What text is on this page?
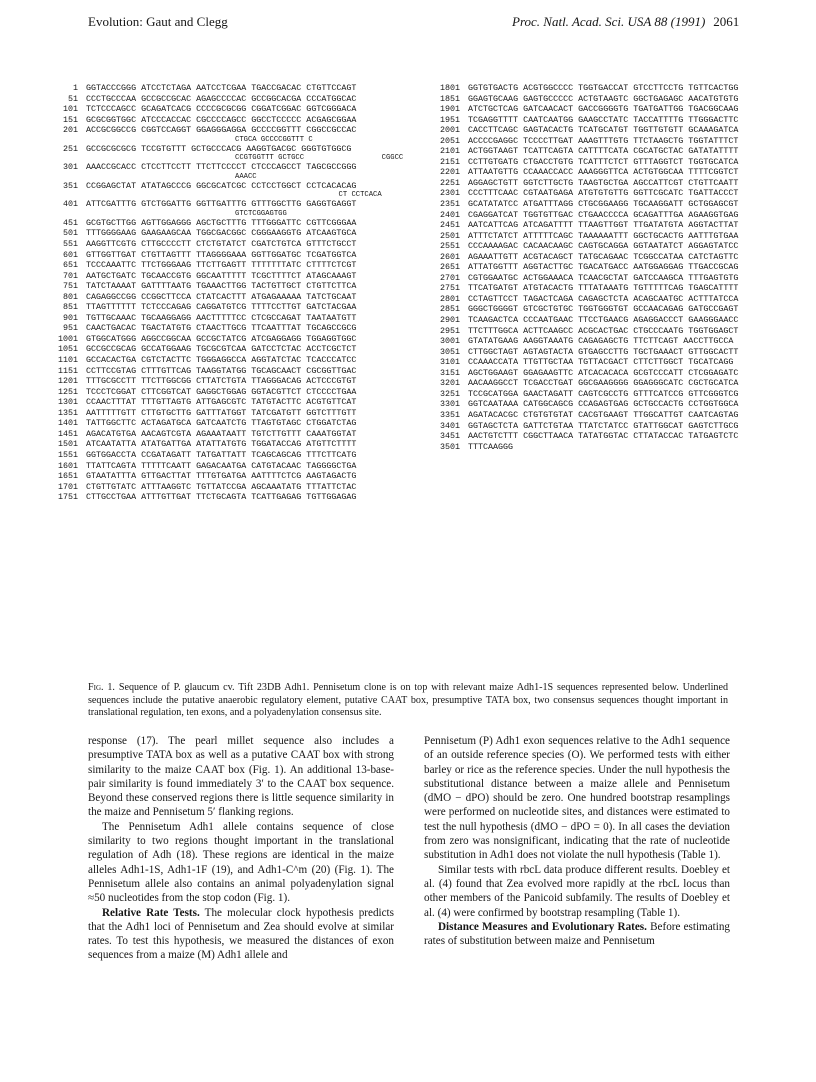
Evolution: Gaut and Clegg	Proc. Natl. Acad. Sci. USA 88 (1991) 2061
1 GGTACCCGGG ATCCTCTAGA AATCCTCGAA TGACCGACAC CTGTTCCAGT
51 CCCTGCCCAA GCCGCCGCAC AGAGCCCCAC GCCGGCACGA CCCATGGCAC
101 TCTCCCAGCC GCAGATCACG CCCCGCGCGG CGGATCGGAC GGTCGGGACA
151 GCGCGGTGGC ATCCCACCAC CGCCCCAGCC GGCCTCCCCC ACGAGCGGAA
201 ACCGCGGCCG CGGTCCAGGT GGAGGGAGGA GCCCCGGTTT CGGCCGCCAC
CTGCA GCCCCGGTTT C
251 GCCGCGCGCG TCCGTGTTT GCTGCCCACG AAGGTGACGC GGGTGTGGCG
CCGTGGTTT GCTGCC                  CGGCC
301 AAACCGCACC CTCCTTCCTT TTCTTCCCCT CTCCCAGCCT TAGCGCCGGG
AAACC
351 CCGGAGCTAT ATATAGCCCG GGCGCATCGC CCTCCTGGCT CCTCACACAG
CT CCTCACA
401 ATTCGATTTG GTCTGGATTG GGTTGATTTG GTTTGGCTTG GAGGTGAGGT
GTCTCGGAGTGG
451 GCGTGCTTGG AGTTGGAGGG AGCTGCTTTG TTTGGGATTC CGTTCGGGAA
501 TTTGGGGAAG GAAGAAGCAA TGGCGACGGC CGGGAAGGTG ATCAAGTGCA
551 AAGGTTCGTG CTTGCCCCTT CTCTGTATCT CGATCTGTCA GTTTCTGCCT
601 GTTGGTTGAT CTGTTAGTTT TTAGGGGAAA GGTTGGATGC TCGATGGTCA
651 TCCCAAATTC TTCTGGGAAG TTCTTGAGTT TTTTTTTATC CTTTTCTCGT
701 AATGCTGATC TGCAACCGTG GGCAATTTTT TCGCTTTTCT ATAGCAAAGT
751 TATCTAAAAT GATTTTAATG TGAAACTTGG TACTGTTGCT CTGTTCTTCA
801 CAGAGGCCGG CCGGCTTCCA CTATCACTTT ATGAGAAAAA TATCTGCAAT
851 TTAGTTTTTT TCTCCCAGAG CAGGATGTCG TTTTCCTTGT GATCTACGAA
901 TGTTGCAAAC TGCAAGGAGG AACTTTTTCC CTCGCCAGAT TAATAATGTT
951 CAACTGACAC TGACTATGTG CTAACTTGCG TTCAATTTAT TGCAGCCGCG
1001 GTGGCATGGG AGGCCGGCAA GCCGCTATCG ATCGAGGAGG TGGAGGTGGC
1051 GCCGCCGCAG GCCATGGAAG TGCGCGTCAA GATCCTCTAC ACCTCGCTCT
1101 GCCACACTGA CGTCTACTTC TGGGAGGCCA AGGTATCTAC TCACCCATCC
1151 CCTTCCGTAG CTTTGTTCAG TAAGGTATGG TGCAGCAACT CGCGGTTGAC
1201 TTTGCGCCTT TTCTTGGCGG CTTATCTGTA TTAGGGACAG ACTCCCGTGT
1251 TCCCTCGGAT CTTCGGTCAT GAGGCTGGAG GGTACGTTCT CTCCCCTGAA
1301 CCAACTTTAT TTTGTTAGTG ATTGAGCGTC TATGTACTTC ACGTGTTCAT
1351 AATTTTTGTT CTTGTGCTTG GATTTATGGT TATCGATGTT GGTCTTTGTT
1401 TATTGGCTTC ACTAGATGCA GATCAATCTG TTAGTGTAGC CTGGATCTAG
1451 AGACATGTGA AACAGTCGTA AGAAATAATT TGTCTTGTTT CAAATGGTAT
1501 ATCAATATTA ATATGATTGA ATATTATGTG TGGATACCAG ATGTTCTTTT
1551 GGTGGACCTA CCGATAGATT TATGATTATT TCAGCAGCAG TTTCTTCATG
1601 TTATTCAGTA TTTTTCAATT GAGACAATGA CATGTACAAC TAGGGGCTGA
1651 GTAATATTTA GTTGACTTAT TTTGTGATGA AATTTTCTCG AAGTAGACTG
1701 CTGTTGTATC ATTTAAGGTC TGTTATCCGA AGCAAATATG TTTATTCTAC
1751 CTTGCCTGAA ATTTGTTGAT TTCTGCAGTA TCATTGAGAG TGTTGGAGAG
1801 GGTGTGACTG ACGTGGCCCC TGGTGACCAT GTCCTTCCTG TGTTCACTGG
1851 GGAGTGCAAG GAGTGCCCCC ACTGTAAGTC GGCTGAGAGC AACATGTGTG
1901 ATCTGCTCAG GATCAACACT GACCGGGGTG TGATGATTGG TGACGGCAAG
1951 TCGAGGTTTT CAATCAATGG GAAGCCTATC TACCATTTTG TTGGGACTTC
2001 CACCTTCAGC GAGTACACTG TCATGCATGT TGGTTGTGTT GCAAAGATCA
2051 ACCCCGAGGC TCCCCTTGAT AAAGTTTGTG TTCTAAGCTG TGGTATTTCT
2101 ACTGGTAAGT TCATTCAGTA CATTTTCATA CGCATGCTAC GATATATTTT
2151 CCTTGTGATG CTGACCTGTG TCATTTCTCT GTTTAGGTCT TGGTGCATCA
2201 ATTAATGTTG CCAAACCACC AAAGGGTTCA ACTGTGGCAA TTTTCGGTCT
2251 AGGAGCTGTT GGTCTTGCTG TAAGTGCTGA AGCCATTCGT CTGTTCAATT
2301 CCCTTTCAAC CGTAATGAGA ATGTGTGTTG GGTTCGCATC TGATTACCCT
2351 GCATATATCC ATGATTTAGG CTGCGGAAGG TGCAAGGATT GCTGGAGCGT
2401 CGAGGATCAT TGGTGTTGAC CTGAACCCCA GCAGATTTGA AGAAGGTGAG
2451 AATCATTCAG ATCAGATTTT TTAAGTTGGT TTGATATGTA AGGTACTTAT
2501 ATTTCTATCT ATTTTTCAGC TAAAAAATTT GGCTGCACTG AATTTGTGAA
2551 CCCAAAAGAC CACAACAAGC CAGTGCAGGA GGTAATATCT AGGAGTATCC
2601 AGAAATTGTT ACGTACAGCT TATGCAGAAC TCGGCCATAA CATCTAGTTC
2651 ATTATGGTTT AGGTACTTGC TGACATGACC AATGGAGGAG TTGACCGCAG
2701 CGTGGAATGC ACTGGAAACA TCAACGCTAT GATCCAAGCA TTTGAGTGTG
2751 TTCATGATGT ATGTACACTG TTTATAAATG TGTTTTTCAG TGAGCATTTT
2801 CCTAGTTCCT TAGACTCAGA CAGAGCTCTA ACAGCAATGC ACTTTATCCA
2851 GGGCTGGGGT GTCGCTGTGC TGGTGGGTGT GCCAACAGAG GATGCCGAGT
2901 TCAAGACTCA CCCAATGAAC TTCCTGAACG AGAGGACCCT GAAGGGAACC
2951 TTCTTTGGCA ACTTCAAGCC ACGCACTGAC CTGCCCAATG TGGTGGAGCT
3001 GTATATGAAG AAGGTAAATG CAGAGAGCTG TTCTTCAGT AACCTTGCCA
3051 CTTGGCTAGT AGTAGTACTA GTGAGCCTTG TGCTGAAACT GTTGGCACTT
3101 CCAAACCATA TTGTTGCTAA TGTTACGACT CTTCTTGGCT TGCATCAGG
3151 AGCTGGAAGT GGAGAAGTTC ATCACACACA GCGTCCCATT CTCGGAGATC
3201 AACAAGGCCT TCGACCTGAT GGCGAAGGGG GGAGGGCATC CGCTGCATCA
3251 TCCGCATGGA GAACTAGATT CAGTCGCCTG GTTTCATCCG GTTCGGGTCG
3301 GGTCAATAAA CATGGCAGCG CCAGAGTGAG GCTGCCACTG CCTGGTGGCA
3351 AGATACACGC CTGTGTGTAT CACGTGAAGT TTGGCATTGT CAATCAGTAG
3401 GGTAGCTCTA GATTCTGTAA TTATCTATCC GTATTGGCAT GAGTCTTGCG
3451 AACTGTCTTT CGGCTTAACA TATATGGTAC CTTATACCAC TATGAGTCTC
3501 TTTCAAGGG
Fig. 1. Sequence of P. glaucum cv. Tift 23DB Adh1. Pennisetum clone is on top with relevant maize Adh1-1S sequences represented below. Underlined sequences include the putative anaerobic regulatory element, putative CAAT box, presumptive TATA box, two consensus sequences thought important in translational regulation, ten exons, and a polyadenylation consensus site.

response (17). The pearl millet sequence also includes a presumptive TATA box as well as a putative CAAT box with strong similarity to the maize CAAT box (Fig. 1). An additional 13-base-pair similarity is found immediately 3′ to the CAAT box sequence. Beyond these conserved regions there is little sequence similarity in the maize and Pennisetum 5′ flanking regions.

The Pennisetum Adh1 allele contains sequence of close similarity to two regions thought important in the translational regulation of Adh (18). These regions are identical in the maize alleles Adh1-1S, Adh1-1F (19), and Adh1-C^m (20) (Fig. 1). The Pennisetum allele also contains an animal polyadenylation signal ≈50 nucleotides from the stop codon (Fig. 1).

Relative Rate Tests. The molecular clock hypothesis predicts that the Adh1 loci of Pennisetum and Zea should evolve at similar rates. To test this hypothesis, we measured the distances of exon sequences from a maize (M) Adh1 allele and

Pennisetum (P) Adh1 exon sequences relative to the Adh1 sequence of an outside reference species (O). We performed tests with either barley or rice as the reference species. Under the null hypothesis the substitutional distance between a maize allele and Pennisetum (dMO − dPO) should be zero. One hundred bootstrap resamplings were performed on nucleotide sites, and distances were estimated to test the null hypothesis (dMO − dPO = 0). In all cases the deviation from zero was nonsignificant, indicating that the rate of nucleotide substitution in Adh1 does not violate the null hypothesis (Table 1).

Similar tests with rbcL data produce different results. Doebley et al. (4) found that Zea evolved more rapidly at the rbcL locus than other members of the Panicoid subfamily. The results of Doebley et al. (4) were confirmed by bootstrap resampling (Table 1).

Distance Measures and Evolutionary Rates. Before estimating rates of substitution between maize and Pennisetum
